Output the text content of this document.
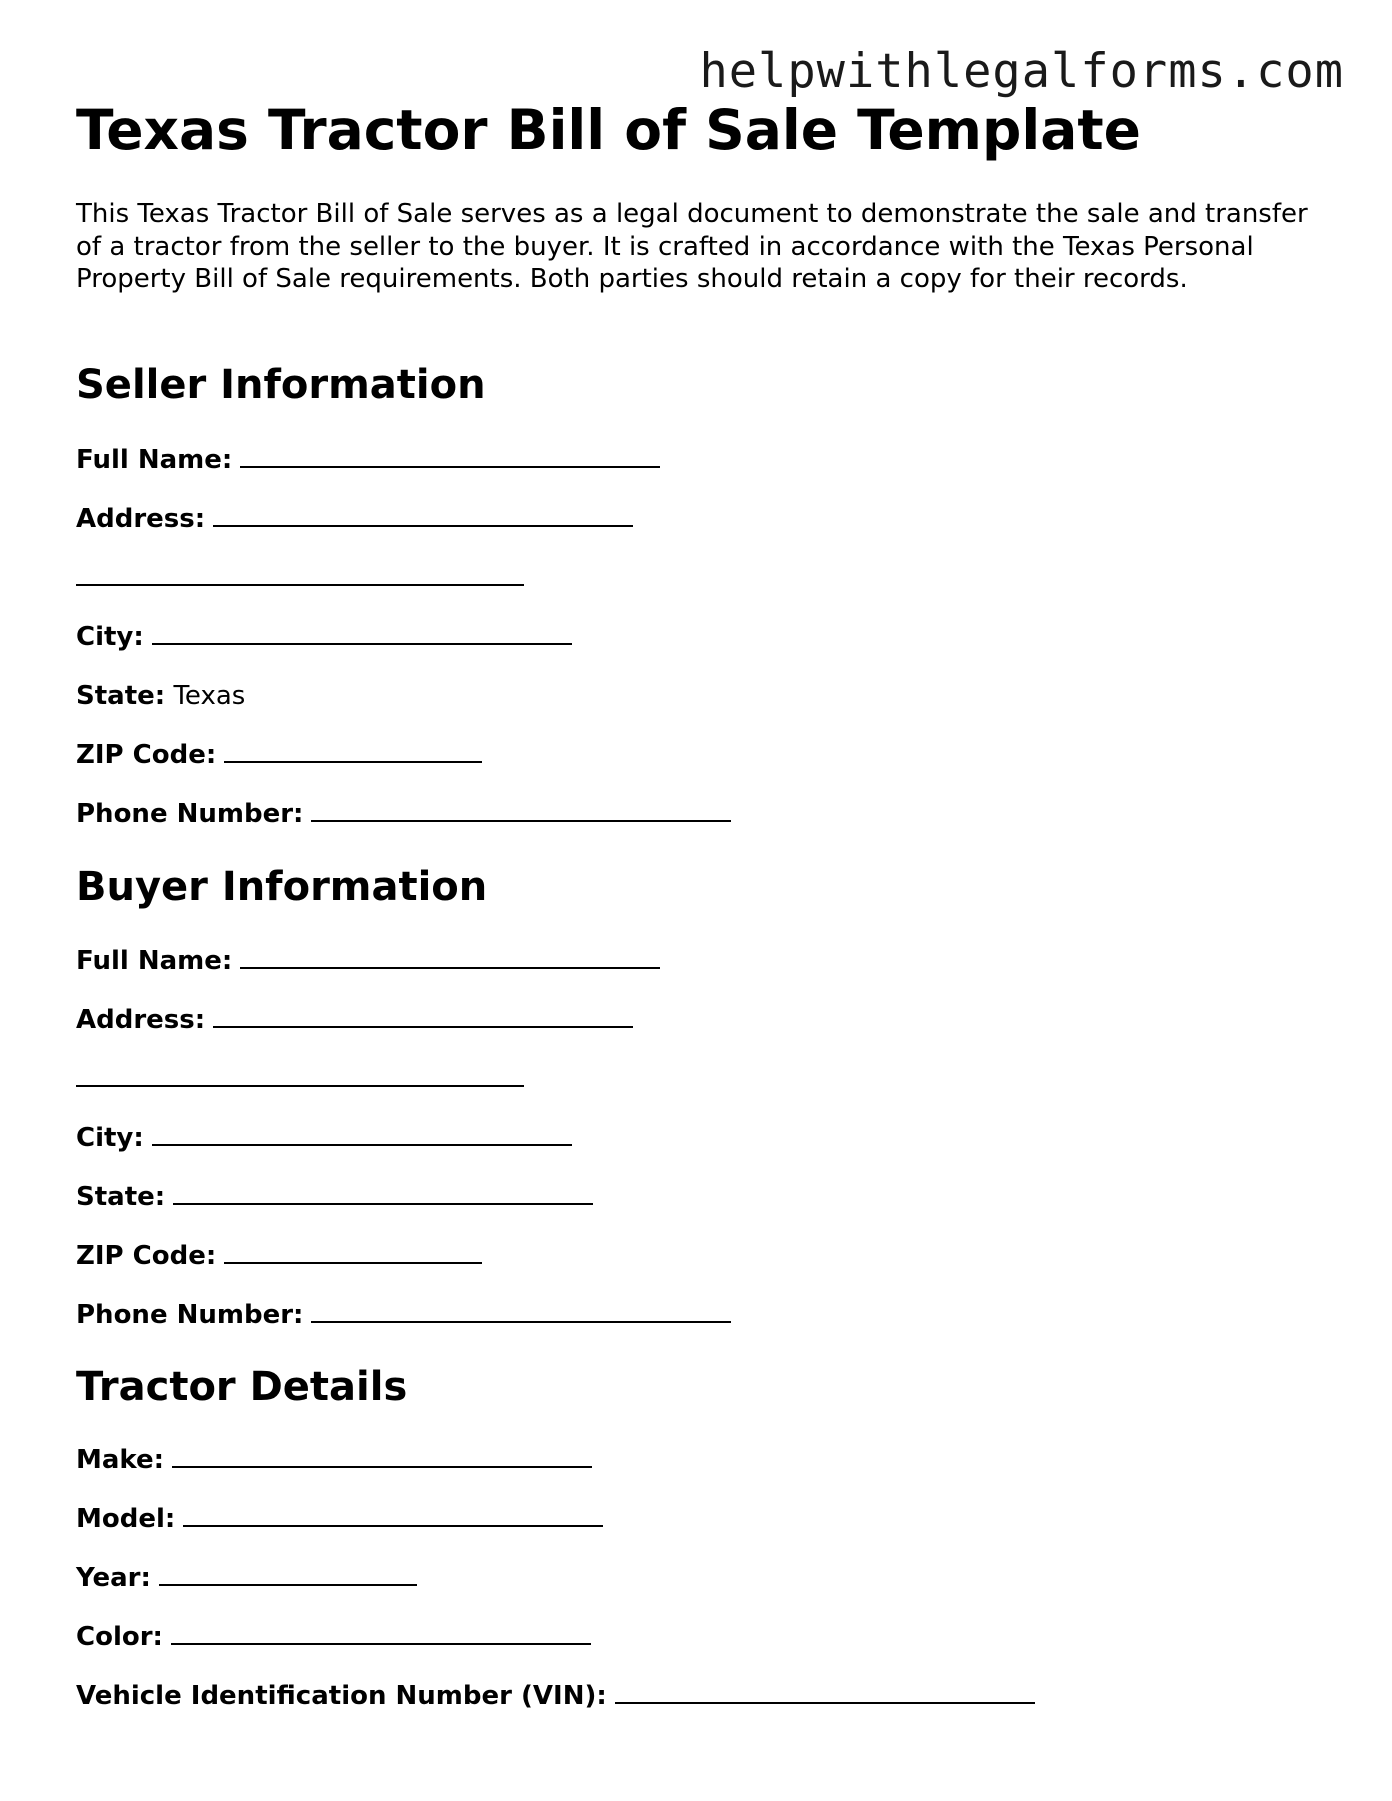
helpwithlegalforms.com
Texas Tractor Bill of Sale Template

This Texas Tractor Bill of Sale serves as a legal document to demonstrate the sale and transfer of a tractor from the seller to the buyer. It is crafted in accordance with the Texas Personal Property Bill of Sale requirements. Both parties should retain a copy for their records.

Seller Information
Full Name:
Address:
City:
State: Texas
ZIP Code:
Phone Number:
Buyer Information
Full Name:
Address:
City:
State:
ZIP Code:
Phone Number:
Tractor Details
Make:
Model:
Year:
Color:
Vehicle Identification Number (VIN):
